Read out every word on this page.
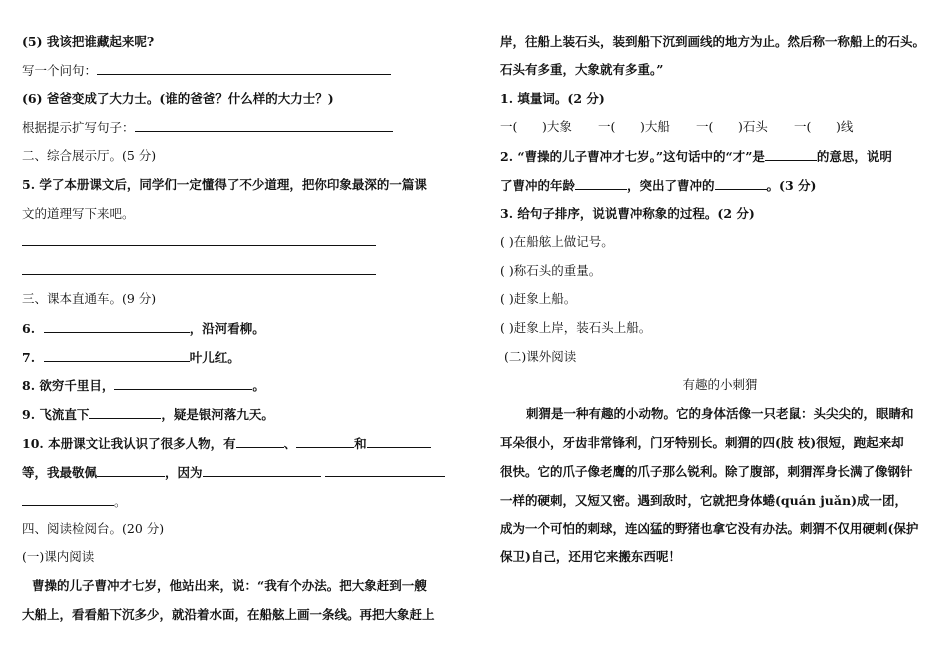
(5) 我该把谁藏起来呢?
写一个问句：
(6) 爸爸变成了大力士。(谁的爸爸？什么样的大力士？)
根据提示扩写句子：
二、综合展示厅。(5 分)
5. 学了本册课文后，同学们一定懂得了不少道理，把你印象最深的一篇课
文的道理写下来吧。
三、课本直通车。(9 分)
6.	，沿河看柳。
7.	叶儿红。
8. 欲穷千里目，	。
9. 飞流直下	，疑是银河落九天。
10. 本册课文让我认识了很多人物，有	、	和
等，我最敬佩	，因为
。
四、阅读检阅台。(20 分)
(一)课内阅读
曹操的儿子曹冲才七岁，他站出来，说：“我有个办法。把大象赶到一艘
大船上，看看船下沉多少，就沿着水面，在船舷上画一条线。再把大象赶上
岸，往船上装石头，装到船下沉到画线的地方为止。然后称一称船上的石头。
石头有多重，大象就有多重。”
1. 填量词。(2 分)
一( )大象 一( )大船 一( )石头 一( )线
2. “曹操的儿子曹冲才七岁。”这句话中的“才”是	的意思，说明
了曹冲的年龄	，突出了曹冲的	。(3 分)
3. 给句子排序，说说曹冲称象的过程。(2 分)
( )在船舷上做记号。
( )称石头的重量。
( )赶象上船。
( )赶象上岸，装石头上船。
(二)课外阅读
有趣的小刺猬
刺猬是一种有趣的小动物。它的身体活像一只老鼠：头尖尖的，眼睛和
耳朵很小，牙齿非常锋利，门牙特别长。刺猬的四(肢 枝)很短，跑起来却
很快。它的爪子像老鹰的爪子那么锐利。除了腹部，刺猬浑身长满了像钢针
一样的硬刺，又短又密。遇到敌时，它就把身体蜷(quán juǎn)成一团，
成为一个可怕的刺球，连凶猛的野猪也拿它没有办法。刺猬不仅用硬刺(保护
保卫)自己，还用它来搬东西呢！
